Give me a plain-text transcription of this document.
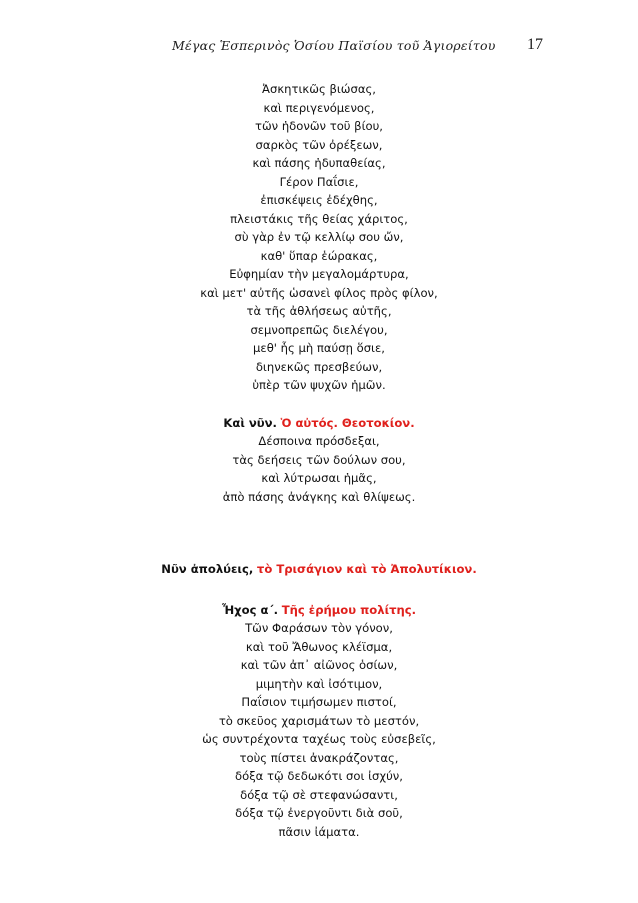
Μέγας Ἑσπερινὸς Ὁσίου Παϊσίου τοῦ Ἁγιορείτου 17
Ἀσκητικῶς βιώσας,
καὶ περιγενόμενος,
τῶν ἡδονῶν τοῦ βίου,
σαρκὸς τῶν ὀρέξεων,
καὶ πάσης ἡδυπαθείας,
Γέρον Παΐσιε,
ἐπισκέψεις ἐδέχθης,
πλειστάκις τῆς θείας χάριτος,
σὺ γὰρ ἐν τῷ κελλίῳ σου ὤν,
καθ' ὕπαρ ἑώρακας,
Εὐφημίαν τὴν μεγαλομάρτυρα,
καὶ μετ' αὐτῆς ὡσανεὶ φίλος πρὸς φίλον,
τὰ τῆς ἀθλήσεως αὐτῆς,
σεμνοπρεπῶς διελέγου,
μεθ' ἧς μὴ παύσῃ ὅσιε,
διηνεκῶς πρεσβεύων,
ὑπὲρ τῶν ψυχῶν ἡμῶν.
Καὶ νῦν. Ὁ αὐτός. Θεοτοκίον.
Δέσποινα πρόσδεξαι,
τὰς δεήσεις τῶν δούλων σου,
καὶ λύτρωσαι ἡμᾶς,
ἀπὸ πάσης ἀνάγκης καὶ θλίψεως.
Νῦν ἀπολύεις, τὸ Τρισάγιον καὶ τὸ Ἀπολυτίκιον.
Ἦχος α΄. Τῆς ἐρήμου πολίτης.
Τῶν Φαράσων τὸν γόνον,
καὶ τοῦ Ἄθωνος κλέϊσμα,
καὶ τῶν ἀπ᾽ αἰῶνος ὁσίων,
μιμητὴν καὶ ἰσότιμον,
Παΐσιον τιμήσωμεν πιστοί,
τὸ σκεῦος χαρισμάτων τὸ μεστόν,
ὡς συντρέχοντα ταχέως τοὺς εὐσεβεῖς,
τοὺς πίστει ἀνακράζοντας,
δόξα τῷ δεδωκότι σοι ἰσχύν,
δόξα τῷ σὲ στεφανώσαντι,
δόξα τῷ ἐνεργοῦντι διὰ σοῦ,
πᾶσιν ἰάματα.
